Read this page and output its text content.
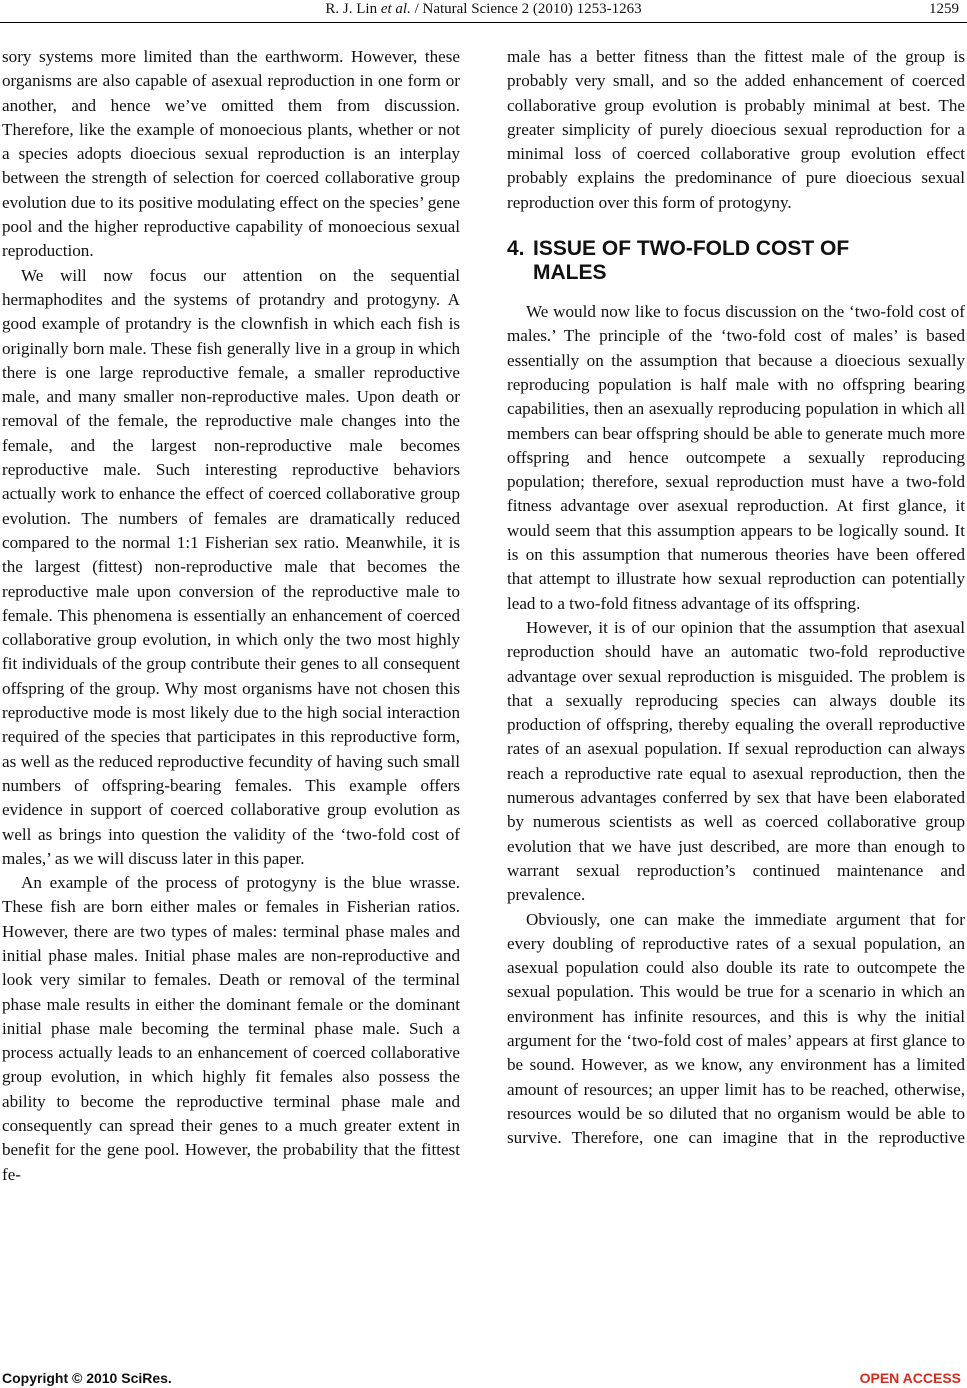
R. J. Lin et al. / Natural Science 2 (2010) 1253-1263	1259

sory systems more limited than the earthworm. However, these organisms are also capable of asexual reproduction in one form or another, and hence we’ve omitted them from discussion. Therefore, like the example of monoecious plants, whether or not a species adopts dioecious sexual reproduction is an interplay between the strength of selection for coerced collaborative group evolution due to its positive modulating effect on the species’ gene pool and the higher reproductive capability of monoecious sexual reproduction.

We will now focus our attention on the sequential hermaphodites and the systems of protandry and protogyny. A good example of protandry is the clownfish in which each fish is originally born male. These fish generally live in a group in which there is one large reproductive female, a smaller reproductive male, and many smaller non-reproductive males. Upon death or removal of the female, the reproductive male changes into the female, and the largest non-reproductive male becomes reproductive male. Such interesting reproductive behaviors actually work to enhance the effect of coerced collaborative group evolution. The numbers of females are dramatically reduced compared to the normal 1:1 Fisherian sex ratio. Meanwhile, it is the largest (fittest) non-reproductive male that becomes the reproductive male upon conversion of the reproductive male to female. This phenomena is essentially an enhancement of coerced collaborative group evolution, in which only the two most highly fit individuals of the group contribute their genes to all consequent offspring of the group. Why most organisms have not chosen this reproductive mode is most likely due to the high social interaction required of the species that participates in this reproductive form, as well as the reduced reproductive fecundity of having such small numbers of offspring-bearing females. This example offers evidence in support of coerced collaborative group evolution as well as brings into question the validity of the ‘two-fold cost of males,’ as we will discuss later in this paper.

An example of the process of protogyny is the blue wrasse. These fish are born either males or females in Fisherian ratios. However, there are two types of males: terminal phase males and initial phase males. Initial phase males are non-reproductive and look very similar to females. Death or removal of the terminal phase male results in either the dominant female or the dominant initial phase male becoming the terminal phase male. Such a process actually leads to an enhancement of coerced collaborative group evolution, in which highly fit females also possess the ability to become the reproductive terminal phase male and consequently can spread their genes to a much greater extent in benefit for the gene pool. However, the probability that the fittest fe-

male has a better fitness than the fittest male of the group is probably very small, and so the added enhancement of coerced collaborative group evolution is probably minimal at best. The greater simplicity of purely dioecious sexual reproduction for a minimal loss of coerced collaborative group evolution effect probably explains the predominance of pure dioecious sexual reproduction over this form of protogyny.

4. ISSUE OF TWO-FOLD COST OF
MALES

We would now like to focus discussion on the ‘two-fold cost of males.’ The principle of the ‘two-fold cost of males’ is based essentially on the assumption that because a dioecious sexually reproducing population is half male with no offspring bearing capabilities, then an asexually reproducing population in which all members can bear offspring should be able to generate much more offspring and hence outcompete a sexually reproducing population; therefore, sexual reproduction must have a two-fold fitness advantage over asexual reproduction. At first glance, it would seem that this assumption appears to be logically sound. It is on this assumption that numerous theories have been offered that attempt to illustrate how sexual reproduction can potentially lead to a two-fold fitness advantage of its offspring.

However, it is of our opinion that the assumption that asexual reproduction should have an automatic two-fold reproductive advantage over sexual reproduction is misguided. The problem is that a sexually reproducing species can always double its production of offspring, thereby equaling the overall reproductive rates of an asexual population. If sexual reproduction can always reach a reproductive rate equal to asexual reproduction, then the numerous advantages conferred by sex that have been elaborated by numerous scientists as well as coerced collaborative group evolution that we have just described, are more than enough to warrant sexual reproduction’s continued maintenance and prevalence.

Obviously, one can make the immediate argument that for every doubling of reproductive rates of a sexual population, an asexual population could also double its rate to outcompete the sexual population. This would be true for a scenario in which an environment has infinite resources, and this is why the initial argument for the ‘two-fold cost of males’ appears at first glance to be sound. However, as we know, any environment has a limited amount of resources; an upper limit has to be reached, otherwise, resources would be so diluted that no organism would be able to survive. Therefore, one can imagine that in the reproductive

Copyright © 2010 SciRes.	OPEN ACCESS
